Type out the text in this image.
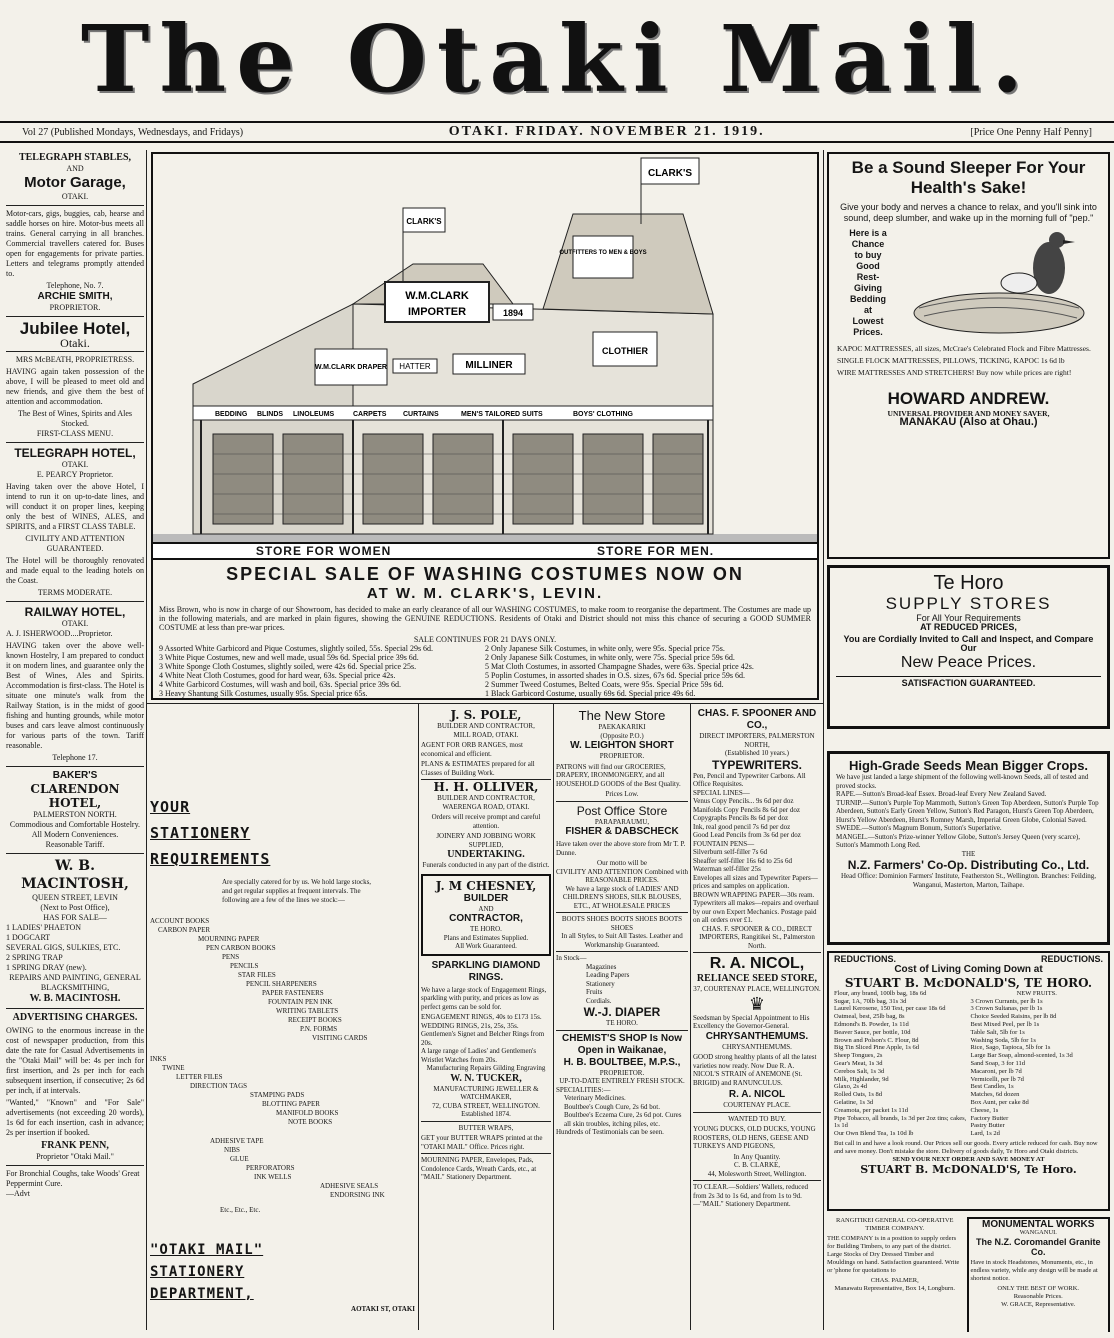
The Otaki Mail.
Vol 27 (Published Mondays, Wednesdays, and Fridays)	OTAKI. FRIDAY. NOVEMBER 21. 1919.	[Price One Penny Half Penny]
TELEGRAPH STABLES,
AND
Motor Garage,
OTAKI.

Motor-cars, gigs, buggies, cab, hearse and saddle horses on hire. Motor-bus meets all trains. General carrying in all branches. Commercial travellers catered for. Buses open for engagements for private parties. Letters and telegrams promptly attended to.

Telephone, No. 7.
ARCHIE SMITH,
PROPRIETOR.
Jubilee Hotel,
Otaki.
MRS McBEATH, PROPRIETRESS.

HAVING again taken possession of the above, I will be pleased to meet old and new friends, and give them the best of attention and accommodation.

The Best of Wines, Spirits and Ales Stocked.
FIRST-CLASS MENU.
TELEGRAPH HOTEL,
OTAKI.
E. PEARCY Proprietor.

Having taken over the above Hotel, I intend to run it on up-to-date lines, and will conduct it on proper lines, keeping only the best of WINES, ALES, and SPIRITS, and a FIRST CLASS TABLE.

CIVILITY AND ATTENTION GUARANTEED.

The Hotel will be thoroughly renovated and made equal to the leading hotels on the Coast.

TERMS MODERATE.
RAILWAY HOTEL,
OTAKI.
A. J. ISHERWOOD....Proprietor.

HAVING taken over the above well-known Hostelry, I am prepared to conduct it on modern lines, and guarantee only the Best of Wines, Ales and Spirits. Accommodation is first-class. The Hotel is situate one minute's walk from the Railway Station, is in the midst of good fishing and hunting grounds, while motor buses and cars leave almost continuously for various parts of the town. Tariff reasonable.

Telephone 17.
BAKER'S
CLARENDON HOTEL,
PALMERSTON NORTH.
Commodious and Comfortable Hostelry.
All Modern Conveniences.
Reasonable Tariff.
W. B. MACINTOSH,
QUEEN STREET, LEVIN
(Next to Post Office),
HAS FOR SALE—
1 LADIES' PHAETON
1 DOGCART
SEVERAL GIGS, SULKIES, ETC.
2 SPRING TRAP
1 SPRING DRAY (new).
REPAIRS AND PAINTING, GENERAL BLACKSMITHING,
W. B. MACINTOSH.
ADVERTISING CHARGES.

OWING to the enormous increase in the cost of newspaper production, from this date the rate for Casual Advertisements in the "Otaki Mail" will be: 4s per inch for first insertion, and 2s per inch for each subsequent insertion, if consecutive; 2s 6d per inch, if at intervals.

"Wanted," "Known" and "For Sale" advertisements (not exceeding 20 words), 1s 6d for each insertion, cash in advance; 2s per insertion if booked.

FRANK PENN,
Proprietor "Otaki Mail."
For Bronchial Coughs, take Woods' Great Peppermint Cure.
—Advt
CLARK'S
CLARK'S
W.M.CLARK
IMPORTER	1894
OUTFITTERS TO MEN & BOYS
W.M.CLARK DRAPER HATTER	MILLINER
CLOTHIER
BEDDING BLINDS LINOLEUMS	CARPETS CURTAINS	MEN'S TAILORED SUITS	BOYS' CLOTHING
STORE FOR WOMEN	STORE FOR MEN.
SPECIAL SALE OF WASHING COSTUMES NOW ON
AT W. M. CLARK'S, LEVIN.
Miss Brown, who is now in charge of our Showroom, has decided to make an early clearance of all our WASHING COSTUMES, to make room to reorganise the department. The Costumes are made up in the following materials, and are marked in plain figures, showing the GENUINE REDUCTIONS. Residents of Otaki and District should not miss this chance of securing a GOOD SUMMER COSTUME at less than pre-war prices.
SALE CONTINUES FOR 21 DAYS ONLY.
9 Assorted White Garbicord and Pique Costumes, slightly soiled, 55s. Special 29s 6d.
3 White Pique Costumes, new and well made, usual 59s 6d. Special price 39s 6d.
3 White Sponge Cloth Costumes, slightly soiled, were 42s 6d. Special price 25s.
4 White Neat Cloth Costumes, good for hard wear, 63s. Special price 42s.
4 White Garbicord Costumes, will wash and boil, 63s. Special price 39s 6d.
3 Heavy Shantung Silk Costumes, usually 95s. Special price 65s.
2 Only Japanese Silk Costumes, in white only, were 95s. Special price 75s.
2 Only Japanese Silk Costumes, in white only, were 75s. Special price 59s 6d.
5 Mat Cloth Costumes, in assorted Champagne Shades, were 63s. Special price 42s.
5 Poplin Costumes, in assorted shades in O.S. sizes, 67s 6d. Special price 59s 6d.
2 Summer Tweed Costumes, Belted Coats, were 95s. Special Price 59s 6d.
1 Black Garbicord Costume, usually 69s 6d. Special price 49s 6d.
YOUR
STATIONERY
REQUIREMENTS
Are specially catered for by us. We hold large stocks, and get regular supplies at frequent intervals. The following are a few of the lines we stock:—
ACCOUNT BOOKS
CARBON PAPER
MOURNING PAPER
PEN CARBON BOOKS
PENS
PENCILS
STAR FILES
PENCIL SHARPENERS
PAPER FASTENERS
FOUNTAIN PEN INK
WRITING TABLETS
RECEIPT BOOKS
P.N. FORMS
VISITING CARDS
INKS
TWINE
LETTER FILES
DIRECTION TAGS
STAMPING PADS
BLOTTING PAPER
MANIFOLD BOOKS
NOTE BOOKS
ADHESIVE TAPE
NIBS
GLUE
PERFORATORS
INK WELLS
ADHESIVE SEALS
ENDORSING INK
Etc., Etc., Etc.
"OTAKI MAIL"
STATIONERY
DEPARTMENT,
AOTAKI ST, OTAKI
J. S. POLE,
BUILDER AND CONTRACTOR,
MILL ROAD, OTAKI.

AGENT FOR ORB RANGES, most economical and efficient.

PLANS & ESTIMATES prepared for all Classes of Building Work.

H. H. OLLIVER,
BUILDER AND CONTRACTOR, WAERENGA ROAD, OTAKI.

Orders will receive prompt and careful attention.

JOINERY AND JOBBING WORK SUPPLIED,
UNDERTAKING.
Funerals conducted in any part of the district.
J. M CHESNEY,
BUILDER
AND
CONTRACTOR,
TE HORO.
Plans and Estimates Supplied.
All Work Guaranteed.
SPARKLING DIAMOND RINGS.

We have a large stock of Engagement Rings, sparkling with purity, and prices as low as perfect gems can be sold for.

ENGAGEMENT RINGS, 40s to £173 15s.
WEDDING RINGS, 21s, 25s, 35s.
Gentlemen's Signet and Belcher Rings from 20s.
A large range of Ladies' and Gentlemen's Wristlet Watches from 20s.
Manufacturing Repairs Gilding Engraving
W. N. TUCKER,
MANUFACTURING JEWELLER & WATCHMAKER,
72, CUBA STREET, WELLINGTON.
Established 1874.
BUTTER WRAPS,

GET your BUTTER WRAPS printed at the "OTAKI MAIL" Office. Prices right.

MOURNING PAPER, Envelopes, Pads, Condolence Cards, Wreath Cards, etc., at "MAIL" Stationery Department.

The New Store
PAEKAKARIKI
(Opposite P.O.)
W. LEIGHTON SHORT
PROPRIETOR.

PATRONS will find our GROCERIES, DRAPERY, IRONMONGERY, and all HOUSEHOLD GOODS of the Best Quality.

Prices Low.
Post Office Store
PARAPARAUMU,
FISHER & DABSCHECK

Have taken over the above store from Mr T. P. Dunne.

Our motto will be
CIVILITY AND ATTENTION Combined with REASONABLE PRICES.
We have a large stock of LADIES' AND CHILDREN'S SHOES, SILK BLOUSES, ETC., AT WHOLESALE PRICES
BOOTS SHOES BOOTS SHOES BOOTS SHOES
In all Styles, to Suit All Tastes. Leather and Workmanship Guaranteed.
In Stock—
Magazines
Leading Papers
Stationery
Fruits
Cordials.
W.-J. DIAPER
TE HORO.
CHEMIST'S SHOP Is Now Open in Waikanae,
H. B. BOULTBEE, M.P.S.,
PROPRIETOR.
UP-TO-DATE ENTIRELY FRESH STOCK.
SPECIALITIES:—
Veterinary Medicines.
Boultbee's Cough Cure, 2s 6d bot.
Boultbee's Eczema Cure, 2s 6d pot. Cures all skin troubles, itching piles, etc.
Hundreds of Testimonials can be seen.
CHAS. F. SPOONER AND CO.,
DIRECT IMPORTERS, PALMERSTON NORTH,
(Established 10 years.)
TYPEWRITERS.
Pen, Pencil and Typewriter Carbons. All Office Requisites.
SPECIAL LINES—
Venus Copy Pencils... 9s 6d per doz
Manifolds Copy Pencils 8s 6d per doz
Copygraphs Pencils 8s 6d per doz
Ink, real good pencil 7s 6d per doz
Good Lead Pencils from 3s 6d per doz
FOUNTAIN PENS—
Silverburn self-filler 7s 6d
Sheaffer self-filler 16s 6d to 25s 6d
Waterman self-filler 25s
Envelopes all sizes and Typewriter Papers—prices and samples on application.
BROWN WRAPPING PAPER—30s ream.
Typewriters all makes—repairs and overhaul by our own Expert Mechanics. Postage paid on all orders over £1.
CHAS. F. SPOONER & CO., DIRECT IMPORTERS, Rangitikei St., Palmerston North.
R. A. NICOL,
RELIANCE SEED STORE,
37, COURTENAY PLACE, WELLINGTON.
♛
Seedsman by Special Appointment to His Excellency the Governor-General.
CHRYSANTHEMUMS.
CHRYSANTHEMUMS.

GOOD strong healthy plants of all the latest varieties now ready. Now Due R. A. NICOL'S STRAIN of ANEMONE (St. BRIGID) and RANUNCULUS.

R. A. NICOL
COURTENAY PLACE.
WANTED TO BUY.

YOUNG DUCKS, OLD DUCKS, YOUNG ROOSTERS, OLD HENS, GEESE AND TURKEYS AND PIGEONS,

In Any Quantity.
C. B. CLARKE,
44, Molesworth Street, Wellington.

TO CLEAR.—Soldiers' Wallets, reduced from 2s 3d to 1s 6d, and from 1s to 9d.—"MAIL" Stationery Department.

Be a Sound Sleeper For Your Health's Sake!
Give your body and nerves a chance to relax, and you'll sink into sound, deep slumber, and wake up in the morning full of "pep."
Here is a
Chance
to buy
Good
Rest-
Giving
Bedding
at
Lowest
Prices.
KAPOC MATTRESSES, all sizes, McCrae's Celebrated Flock and Fibre Mattresses.
SINGLE FLOCK MATTRESSES, PILLOWS, TICKING, KAPOC 1s 6d lb
WIRE MATTRESSES AND STRETCHERS! Buy now while prices are right!
HOWARD ANDREW.
UNIVERSAL PROVIDER AND MONEY SAVER,
MANAKAU (Also at Ohau.)
Te Horo
SUPPLY STORES
For All Your Requirements
AT REDUCED PRICES,
You are Cordially Invited to Call and Inspect, and Compare Our
New Peace Prices.
SATISFACTION GUARANTEED.
High-Grade Seeds Mean Bigger Crops.
We have just landed a large shipment of the following well-known Seeds, all of tested and proved stocks.
RAPE.—Sutton's Broad-leaf Essex. Broad-leaf Every New Zealand Saved.
TURNIP.—Sutton's Purple Top Mammoth, Sutton's Green Top Aberdeen, Sutton's Purple Top Aberdeen, Sutton's Early Green Yellow, Sutton's Red Paragon, Hurst's Green Top Aberdeen, Hurst's Yellow Aberdeen, Hurst's Romney Marsh, Imperial Green Globe, Colonial Saved.
SWEDE.—Sutton's Magnum Bonum, Sutton's Superlative.
MANGEL.—Sutton's Prize-winner Yellow Globe, Sutton's Jersey Queen (very scarce), Sutton's Mammoth Long Red.
THE
N.Z. Farmers' Co-Op. Distributing Co., Ltd.
Head Office: Dominion Farmers' Institute, Featherston St., Wellington. Branches: Feilding, Wanganui, Masterton, Marton, Taihape.
REDUCTIONS.	REDUCTIONS.
Cost of Living Coming Down at
STUART B. McDONALD'S, TE HORO.
Flour, any brand, 100lb bag, 18s 6d
Sugar, 1A, 70lb bag, 31s 3d
Laurel Kerosene, 150 Test, per case 18s 6d
Oatmeal, best, 25lb bag, 8s
Edmond's B. Powder, 1s 11d
Beaver Sauce, per bottle, 10d
Brown and Polson's C. Flour, 8d
Big Tin Sliced Pine Apple, 1s 6d
Sheep Tongues, 2s
Gear's Meat, 1s 3d
Cerebos Salt, 1s 3d
Milk, Highlander, 9d
Glaxo, 2s 4d
Rolled Oats, 1s 8d
Gelatine, 1s 3d
Creamota, per packet 1s 11d
Pipe Tobacco, all brands, 1s 3d per 2oz tins; cakes, 1s 1d
Our Own Blend Tea, 1s 10d lb
NEW FRUITS.
3 Crown Currants, per lb 1s
3 Crown Sultanas, per lb 1s
Choice Seeded Raisins, per lb 8d
Best Mixed Peel, per lb 1s
Table Salt, 5lb for 1s
Washing Soda, 5lb for 1s
Rice, Sago, Tapioca, 5lb for 1s
Large Bar Soap, almond-scented, 1s 3d
Sand Soap, 3 for 11d
Macaroni, per lb 7d
Vermicelli, per lb 7d
Best Candles, 1s
Matches, 6d dozen
Box Aunt, per cake 8d
Cheese, 1s
Factory Butter
Pastry Butter
Lard, 1s 2d
But call in and have a look round. Our Prices sell our goods. Every article reduced for cash. Buy now and save money. Don't mistake the store. Delivery of goods daily, Te Horo and Otaki districts.
SEND YOUR NEXT ORDER AND SAVE MONEY AT
STUART B. McDONALD'S, Te Horo.
RANGITIKEI GENERAL CO-OPERATIVE TIMBER COMPANY.

THE COMPANY is in a position to supply orders for Building Timbers, to any part of the district. Large Stocks of Dry Dressed Timber and Mouldings on hand. Satisfaction guaranteed. Write or 'phone for quotations to

CHAS. PALMER,
Manawatu Representative, Box 14, Longburn.
MONUMENTAL WORKS
WANGANUI.
The N.Z. Coromandel Granite Co.

Have in stock Headstones, Monuments, etc., in endless variety, while any design will be made at shortest notice.

ONLY THE BEST OF WORK.
Reasonable Prices.
W. GRACE, Representative.
